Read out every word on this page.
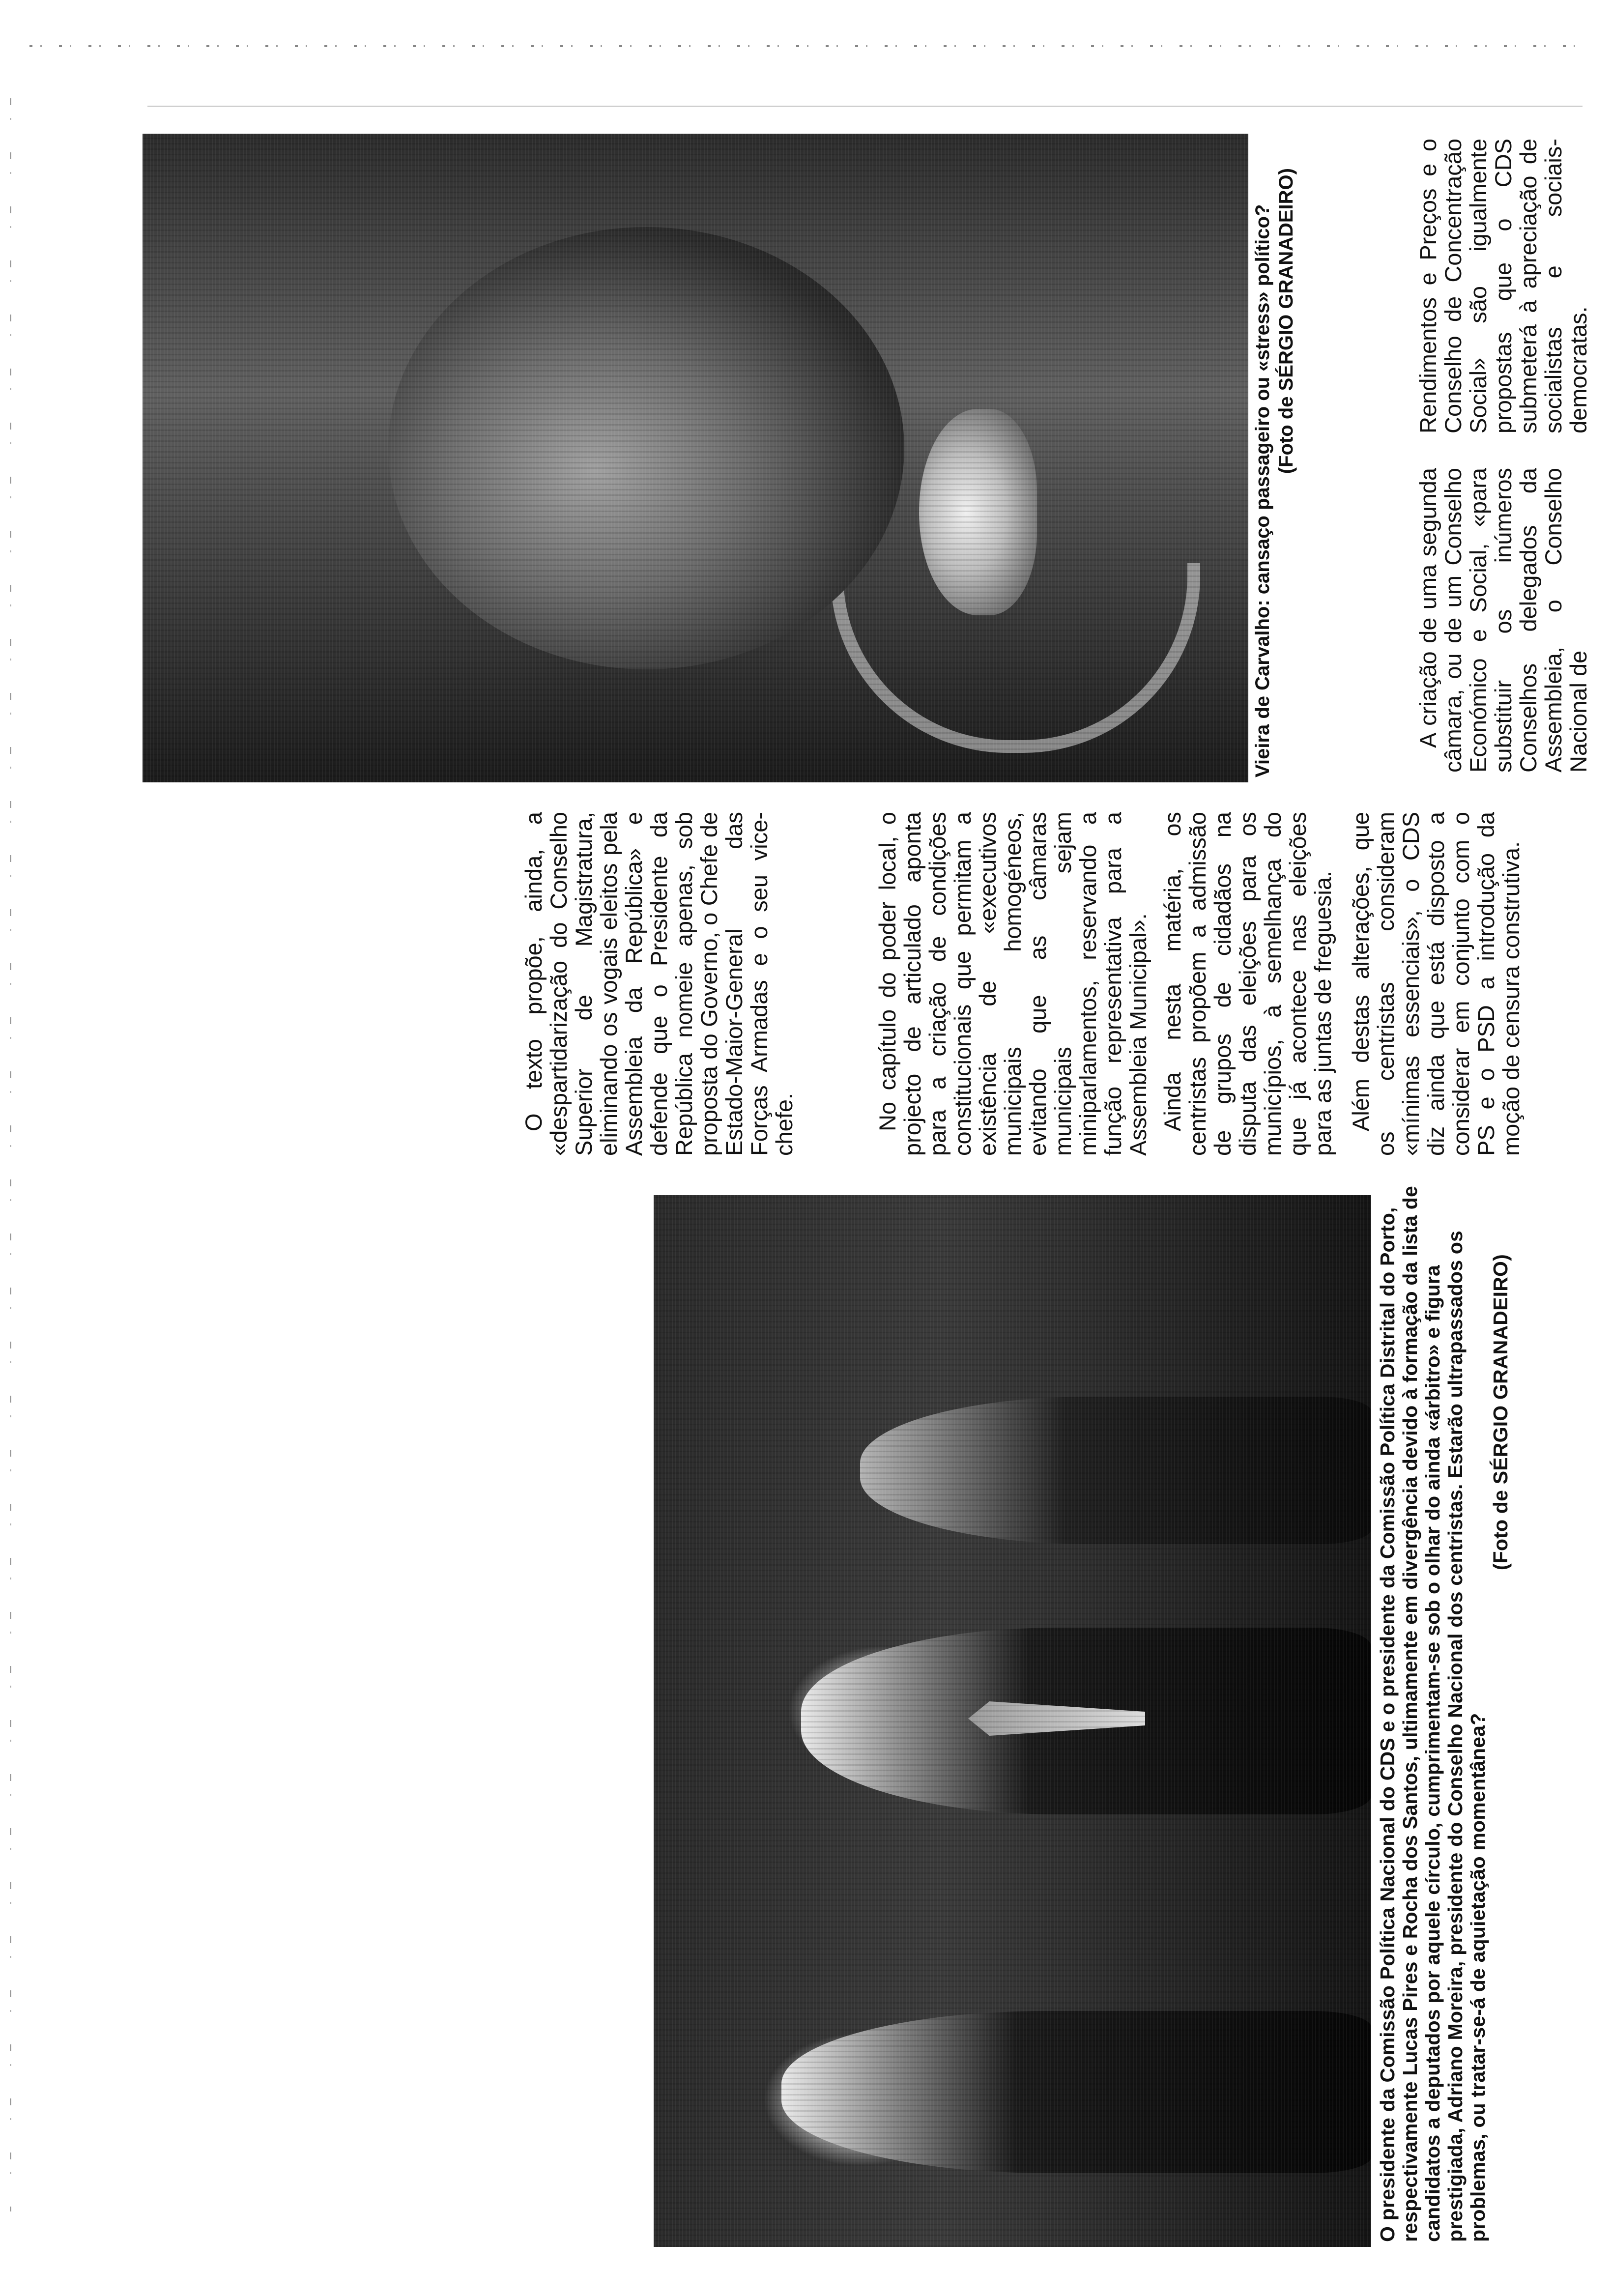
O presidente da Comissão Política Nacional do CDS e o presidente da Comissão Política Distrital do Porto, respectivamente Lucas Pires e Rocha dos Santos, ultimamente em divergência devido à formação da lista de candidatos a deputados por aquele círculo, cumprimentam-se sob o olhar do ainda «árbitro» e figura prestigiada, Adriano Moreira, presidente do Conselho Nacional dos centristas. Estarão ultrapassados os problemas, ou tratar-se-á de aquietação momentânea?
(Foto de SÉRGIO GRANADEIRO)

O texto propõe, ainda, a «despartidarização do Conselho Superior de Magistratura, eliminando os vogais eleitos pela Assembleia da República» e defende que o Presidente da República nomeie apenas, sob proposta do Governo, o Chefe de Estado-Maior-General das Forças Armadas e o seu vice-chefe.	No capítulo do poder local, o projecto de articulado aponta para a criação de condições constitucionais que permitam a existência de «executivos municipais homogéneos, evitando que as câmaras municipais sejam miniparlamentos, reservando a função representativa para a Assembleia Municipal». Ainda nesta matéria, os centristas propõem a admissão de grupos de cidadãos na disputa das eleições para os municípios, à semelhança do que já acontece nas eleições para as juntas de freguesia. Além destas alterações, que os centristas consideram «mínimas essenciais», o CDS diz ainda que está disposto a considerar em conjunto com o PS e o PSD a introdução da moção de censura construtiva.

Vieira de Carvalho: cansaço passageiro ou «stress» político? (Foto de SÉRGIO GRANADEIRO)

A criação de uma segunda câmara, ou de um Conselho Económico e Social, «para substituir os inúmeros Conselhos delegados da Assembleia, o Conselho Nacional de

Rendimentos e Preços e o Conselho de Concentração Social» são igualmente propostas que o CDS submeterá à apreciação de socialistas e sociais-democratas.
